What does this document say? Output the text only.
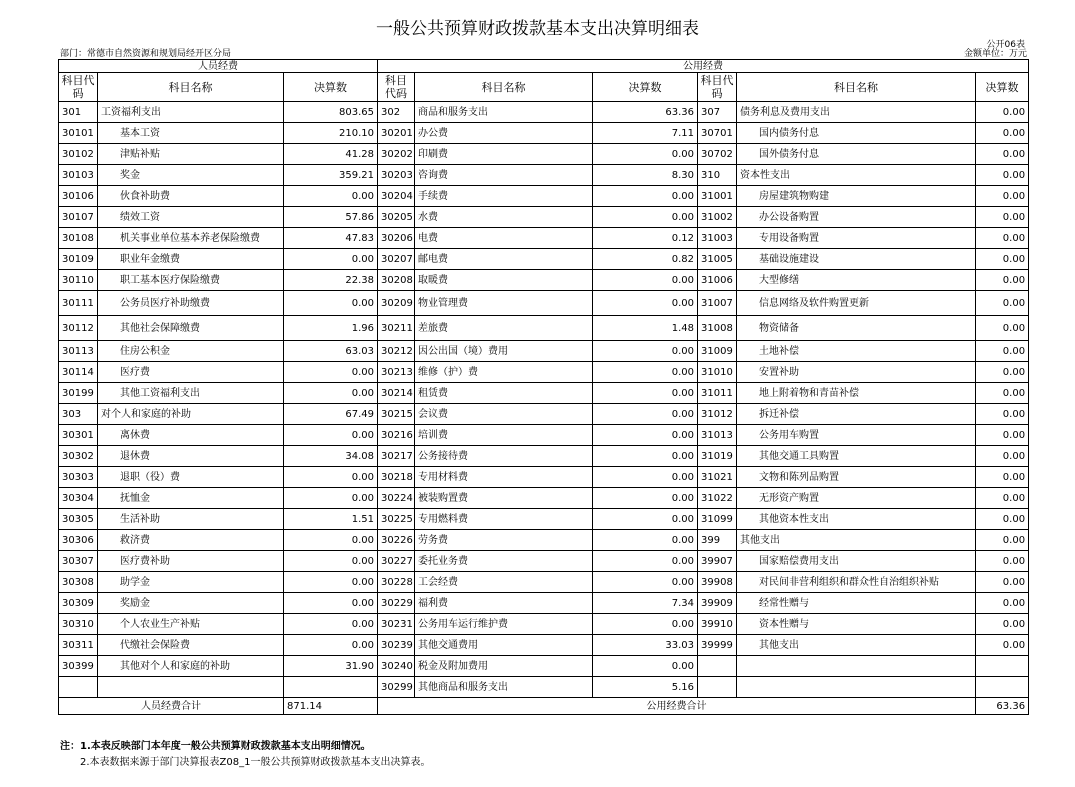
一般公共预算财政拨款基本支出决算明细表
公开06表
部门：常德市自然资源和规划局经开区分局	金额单位：万元
人员经费			公用经费					
科目代码	科目名称	决算数	科目代码	科目名称	决算数	科目代码	科目名称	决算数
301	工资福利支出	803.65	302	商品和服务支出	63.36	307	债务利息及费用支出	0.00
30101	基本工资	210.10	30201	办公费	7.11	30701	国内债务付息	0.00
30102	津贴补贴	41.28	30202	印刷费	0.00	30702	国外债务付息	0.00
30103	奖金	359.21	30203	咨询费	8.30	310	资本性支出	0.00
30106	伙食补助费	0.00	30204	手续费	0.00	31001	房屋建筑物购建	0.00
30107	绩效工资	57.86	30205	水费	0.00	31002	办公设备购置	0.00
30108	机关事业单位基本养老保险缴费	47.83	30206	电费	0.12	31003	专用设备购置	0.00
30109	职业年金缴费	0.00	30207	邮电费	0.82	31005	基础设施建设	0.00
30110	职工基本医疗保险缴费	22.38	30208	取暖费	0.00	31006	大型修缮	0.00
30111	公务员医疗补助缴费	0.00	30209	物业管理费	0.00	31007	信息网络及软件购置更新	0.00
30112	其他社会保障缴费	1.96	30211	差旅费	1.48	31008	物资储备	0.00
30113	住房公积金	63.03	30212	因公出国（境）费用	0.00	31009	土地补偿	0.00
30114	医疗费	0.00	30213	维修（护）费	0.00	31010	安置补助	0.00
30199	其他工资福利支出	0.00	30214	租赁费	0.00	31011	地上附着物和青苗补偿	0.00
303	对个人和家庭的补助	67.49	30215	会议费	0.00	31012	拆迁补偿	0.00
30301	离休费	0.00	30216	培训费	0.00	31013	公务用车购置	0.00
30302	退休费	34.08	30217	公务接待费	0.00	31019	其他交通工具购置	0.00
30303	退职（役）费	0.00	30218	专用材料费	0.00	31021	文物和陈列品购置	0.00
30304	抚恤金	0.00	30224	被装购置费	0.00	31022	无形资产购置	0.00
30305	生活补助	1.51	30225	专用燃料费	0.00	31099	其他资本性支出	0.00
30306	救济费	0.00	30226	劳务费	0.00	399	其他支出	0.00
30307	医疗费补助	0.00	30227	委托业务费	0.00	39907	国家赔偿费用支出	0.00
30308	助学金	0.00	30228	工会经费	0.00	39908	对民间非营利组织和群众性自治组织补贴	0.00
30309	奖励金	0.00	30229	福利费	7.34	39909	经常性赠与	0.00
30310	个人农业生产补贴	0.00	30231	公务用车运行维护费	0.00	39910	资本性赠与	0.00
30311	代缴社会保险费	0.00	30239	其他交通费用	33.03	39999	其他支出	0.00
30399	其他对个人和家庭的补助	31.90	30240	税金及附加费用	0.00			
			30299	其他商品和服务支出	5.16			
人员经费合计		871.14	公用经费合计					63.36
注：1.本表反映部门本年度一般公共预算财政拨款基本支出明细情况。
2.本表数据来源于部门决算报表Z08_1一般公共预算财政拨款基本支出决算表。
